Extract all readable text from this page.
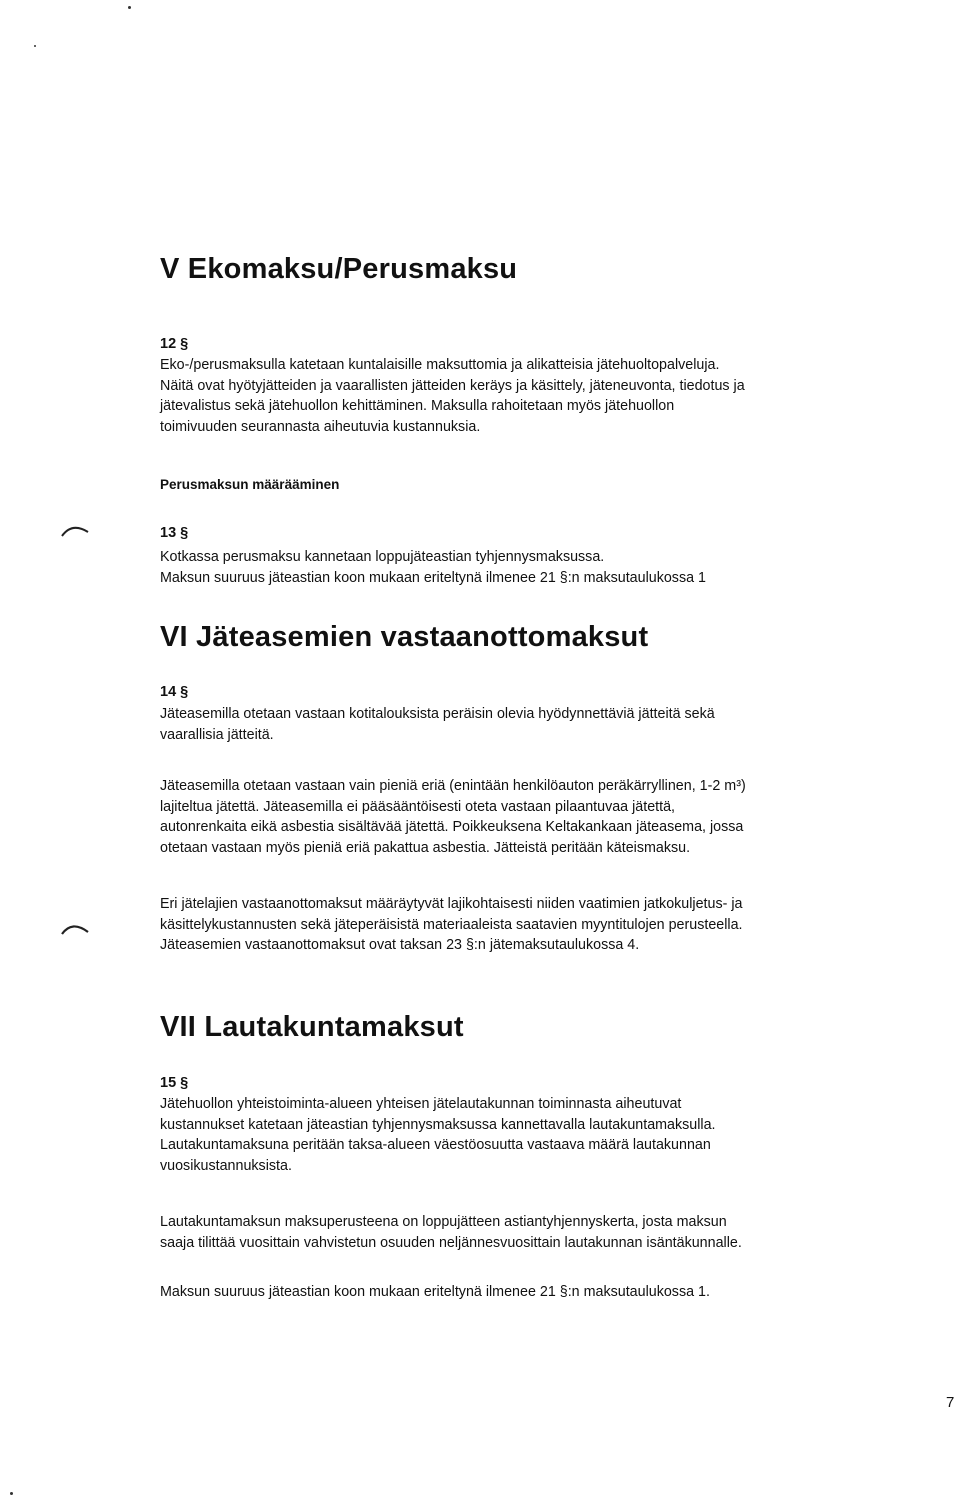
V Ekomaksu/Perusmaksu
12 §
Eko-/perusmaksulla katetaan kuntalaisille maksuttomia ja alikatteisia jätehuoltopalveluja.
Näitä ovat hyötyjätteiden ja vaarallisten jätteiden keräys ja käsittely, jäteneuvonta, tiedotus ja
jätevalistus sekä jätehuollon kehittäminen. Maksulla rahoitetaan myös jätehuollon
toimivuuden seurannasta aiheutuvia kustannuksia.
Perusmaksun määrääminen
13 §
Kotkassa perusmaksu kannetaan loppujäteastian tyhjennysmaksussa.
Maksun suuruus jäteastian koon mukaan eriteltynä ilmenee 21 §:n maksutaulukossa 1
VI Jäteasemien vastaanottomaksut
14 §
Jäteasemilla otetaan vastaan kotitalouksista peräisin olevia hyödynnettäviä jätteitä sekä
vaarallisia jätteitä.
Jäteasemilla otetaan vastaan vain pieniä eriä (enintään henkilöauton peräkärryllinen, 1-2 m³)
lajiteltua jätettä. Jäteasemilla ei pääsääntöisesti oteta vastaan pilaantuvaa jätettä,
autonrenkaita eikä asbestia sisältävää jätettä. Poikkeuksena Keltakankaan jäteasema, jossa
otetaan vastaan myös pieniä eriä pakattua asbestia. Jätteistä peritään käteismaksu.
Eri jätelajien vastaanottomaksut määräytyvät lajikohtaisesti niiden vaatimien jatkokuljetus- ja
käsittelykustannusten sekä jäteperäisistä materiaaleista saatavien myyntitulojen perusteella.
Jäteasemien vastaanottomaksut ovat taksan 23 §:n jätemaksutaulukossa 4.
VII Lautakuntamaksut
15 §
Jätehuollon yhteistoiminta-alueen yhteisen jätelautakunnan toiminnasta aiheutuvat
kustannukset katetaan jäteastian tyhjennysmaksussa kannettavalla lautakuntamaksulla.
Lautakuntamaksuna peritään taksa-alueen väestöosuutta vastaava määrä lautakunnan
vuosikustannuksista.
Lautakuntamaksun maksuperusteena on loppujätteen astiantyhjennyskerta, josta maksun
saaja tilittää vuosittain vahvistetun osuuden neljännesvuosittain lautakunnan isäntäkunnalle.
Maksun suuruus jäteastian koon mukaan eriteltynä ilmenee 21 §:n maksutaulukossa 1.
7
